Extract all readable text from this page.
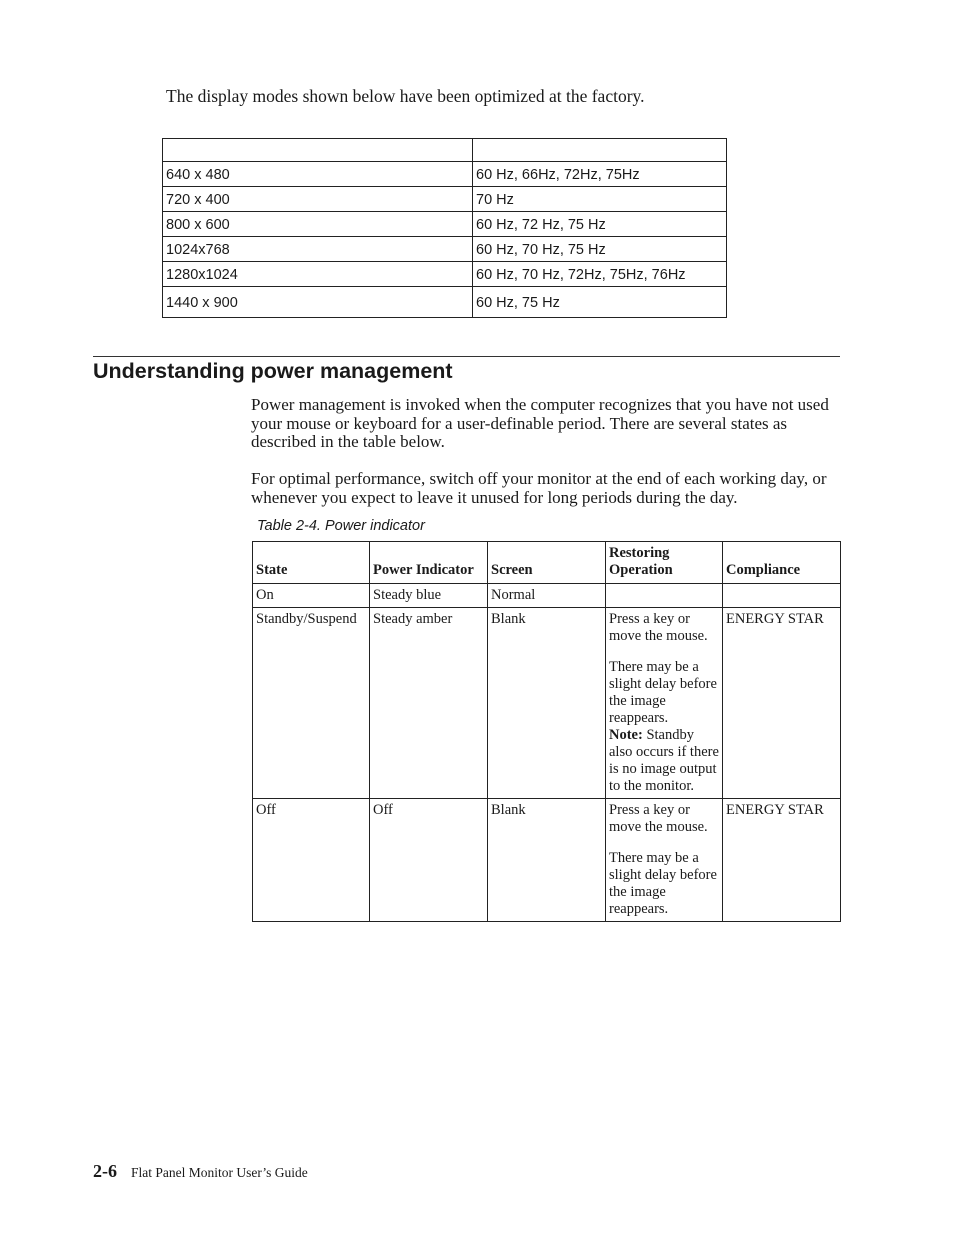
The display modes shown below have been optimized at the factory.

640 x 480	60 Hz, 66Hz, 72Hz, 75Hz
720 x 400	70 Hz
800 x 600	60 Hz, 72 Hz, 75 Hz
1024x768	60 Hz, 70 Hz, 75 Hz
1280x1024	60 Hz, 70 Hz, 72Hz, 75Hz, 76Hz
1440 x 900	60 Hz, 75 Hz
Understanding power management

Power management is invoked when the computer recognizes that you have not used your mouse or keyboard for a user-definable period. There are several states as described in the table below.

For optimal performance, switch off your monitor at the end of each working day, or whenever you expect to leave it unused for long periods during the day.

Table 2-4. Power indicator

State	Power Indicator	Screen	Restoring Operation	Compliance
On	Steady blue	Normal		
Standby/Suspend	Steady amber	Blank	Press a key or move the mouse.
There may be a slight delay before the image reappears.
Note: Standby also occurs if there is no image output to the monitor.	ENERGY STAR
Off	Off	Blank	Press a key or move the mouse.
There may be a slight delay before the image reappears.	ENERGY STAR

2-6 Flat Panel Monitor User’s Guide
